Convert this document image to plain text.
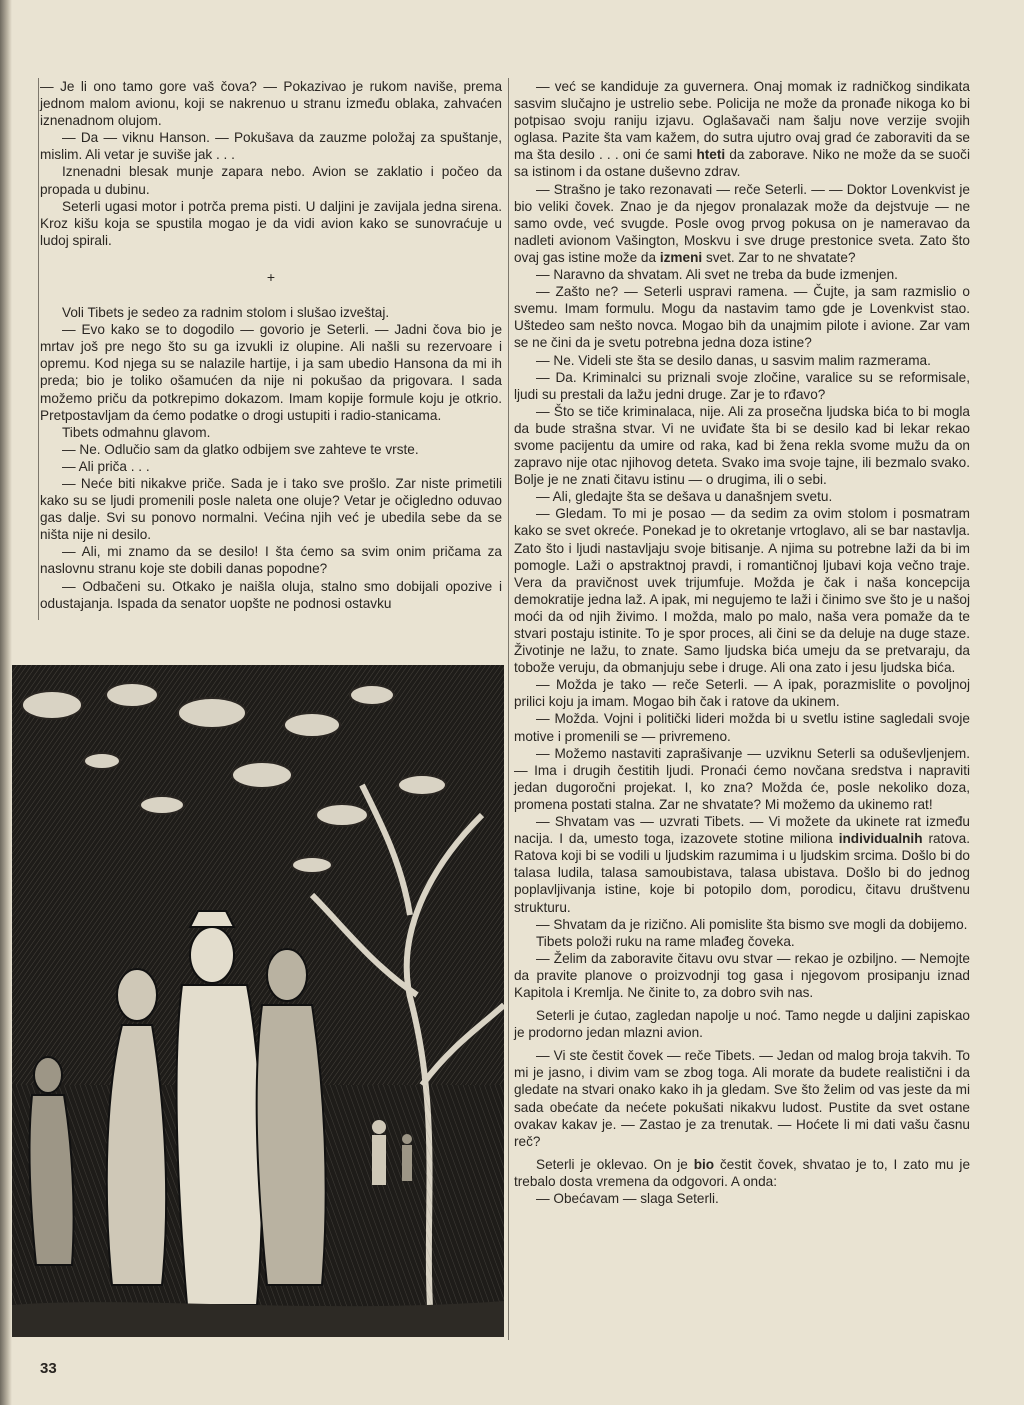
— Je li ono tamo gore vaš čova? — Pokazivao je rukom naviše, prema jednom malom avionu, koji se nakrenuo u stranu između oblaka, zahvaćen iznenadnom olujom.

— Da — viknu Hanson. — Pokušava da zauzme položaj za spuštanje, mislim. Ali vetar je suviše jak . . .

Iznenadni blesak munje zapara nebo. Avion se zaklatio i počeo da propada u dubinu.

Seterli ugasi motor i potrča prema pisti. U daljini je zavijala jedna sirena. Kroz kišu koja se spustila mogao je da vidi avion kako se sunovraćuje u ludoj spirali.

+

Voli Tibets je sedeo za radnim stolom i slušao izveštaj.

— Evo kako se to dogodilo — govorio je Seterli. — Jadni čova bio je mrtav još pre nego što su ga izvukli iz olupine. Ali našli su rezervoare i opremu. Kod njega su se nalazile hartije, i ja sam ubedio Hansona da mi ih preda; bio je toliko ošamućen da nije ni pokušao da prigovara. I sada možemo priču da potkrepimo dokazom. Imam kopije formule koju je otkrio. Pretpostavljam da ćemo podatke o drogi ustupiti i radio-stanicama.

Tibets odmahnu glavom.

— Ne. Odlučio sam da glatko odbijem sve zahteve te vrste.

— Ali priča . . .

— Neće biti nikakve priče. Sada je i tako sve prošlo. Zar niste primetili kako su se ljudi promenili posle naleta one oluje? Vetar je očigledno oduvao gas dalje. Svi su ponovo normalni. Većina njih već je ubedila sebe da se ništa nije ni desilo.

— Ali, mi znamo da se desilo! I šta ćemo sa svim onim pričama za naslovnu stranu koje ste dobili danas popodne?

— Odbačeni su. Otkako je naišla oluja, stalno smo dobijali opozive i odustajanja. Ispada da senator uopšte ne podnosi ostavku

— već se kandiduje za guvernera. Onaj momak iz radničkog sindikata sasvim slučajno je ustrelio sebe. Policija ne može da pronađe nikoga ko bi potpisao svoju raniju izjavu. Oglašavači nam šalju nove verzije svojih oglasa. Pazite šta vam kažem, do sutra ujutro ovaj grad će zaboraviti da se ma šta desilo . . . oni će sami hteti da zaborave. Niko ne može da se suoči sa istinom i da ostane duševno zdrav.

— Strašno je tako rezonavati — reče Seterli. — — Doktor Lovenkvist je bio veliki čovek. Znao je da njegov pronalazak može da dejstvuje — ne samo ovde, već svugde. Posle ovog prvog pokusa on je nameravao da nadleti avionom Vašington, Moskvu i sve druge prestonice sveta. Zato što ovaj gas istine može da izmeni svet. Zar to ne shvatate?

— Naravno da shvatam. Ali svet ne treba da bude izmenjen.

— Zašto ne? — Seterli uspravi ramena. — Čujte, ja sam razmislio o svemu. Imam formulu. Mogu da nastavim tamo gde je Lovenkvist stao. Uštedeo sam nešto novca. Mogao bih da unajmim pilote i avione. Zar vam se ne čini da je svetu potrebna jedna doza istine?

— Ne. Videli ste šta se desilo danas, u sasvim malim razmerama.

— Da. Kriminalci su priznali svoje zločine, varalice su se reformisale, ljudi su prestali da lažu jedni druge. Zar je to rđavo?

— Što se tiče kriminalaca, nije. Ali za prosečna ljudska bića to bi mogla da bude strašna stvar. Vi ne uviđate šta bi se desilo kad bi lekar rekao svome pacijentu da umire od raka, kad bi žena rekla svome mužu da on zapravo nije otac njihovog deteta. Svako ima svoje tajne, ili bezmalo svako. Bolje je ne znati čitavu istinu — o drugima, ili o sebi.

— Ali, gledajte šta se dešava u današnjem svetu.

— Gledam. To mi je posao — da sedim za ovim stolom i posmatram kako se svet okreće. Ponekad je to okretanje vrtoglavo, ali se bar nastavlja. Zato što i ljudi nastavljaju svoje bitisanje. A njima su potrebne laži da bi im pomogle. Laži o apstraktnoj pravdi, i romantičnoj ljubavi koja večno traje. Vera da pravičnost uvek trijumfuje. Možda je čak i naša koncepcija demokratije jedna laž. A ipak, mi negujemo te laži i činimo sve što je u našoj moći da od njih živimo. I možda, malo po malo, naša vera pomaže da te stvari postaju istinite. To je spor proces, ali čini se da deluje na duge staze. Životinje ne lažu, to znate. Samo ljudska bića umeju da se pretvaraju, da tobože veruju, da obmanjuju sebe i druge. Ali ona zato i jesu ljudska bića.

— Možda je tako — reče Seterli. — A ipak, porazmislite o povoljnoj prilici koju ja imam. Mogao bih čak i ratove da ukinem.

— Možda. Vojni i politički lideri možda bi u svetlu istine sagledali svoje motive i promenili se — privremeno.

— Možemo nastaviti zaprašivanje — uzviknu Seterli sa oduševljenjem. — Ima i drugih čestitih ljudi. Pronaći ćemo novčana sredstva i napraviti jedan dugoročni projekat. I, ko zna? Možda će, posle nekoliko doza, promena postati stalna. Zar ne shvatate? Mi možemo da ukinemo rat!

— Shvatam vas — uzvrati Tibets. — Vi možete da ukinete rat između nacija. I da, umesto toga, izazovete stotine miliona individualnih ratova. Ratova koji bi se vodili u ljudskim razumima i u ljudskim srcima. Došlo bi do talasa ludila, talasa samoubistava, talasa ubistava. Došlo bi do jednog poplavljivanja istine, koje bi potopilo dom, porodicu, čitavu društvenu strukturu.

— Shvatam da je rizično. Ali pomislite šta bismo sve mogli da dobijemo.

Tibets položi ruku na rame mlađeg čoveka.

— Želim da zaboravite čitavu ovu stvar — rekao je ozbiljno. — Nemojte da pravite planove o proizvodnji tog gasa i njegovom prosipanju iznad Kapitola i Kremlja. Ne činite to, za dobro svih nas.

Seterli je ćutao, zagledan napolje u noć. Tamo negde u daljini zapiskao je prodorno jedan mlazni avion.

— Vi ste čestit čovek — reče Tibets. — Jedan od malog broja takvih. To mi je jasno, i divim vam se zbog toga. Ali morate da budete realistični i da gledate na stvari onako kako ih ja gledam. Sve što želim od vas jeste da mi sada obećate da nećete pokušati nikakvu ludost. Pustite da svet ostane ovakav kakav je. — Zastao je za trenutak. — Hoćete li mi dati vašu časnu reč?

Seterli je oklevao. On je bio čestit čovek, shvatao je to, I zato mu je trebalo dosta vremena da odgovori. A onda:

— Obećavam — slaga Seterli.

33
